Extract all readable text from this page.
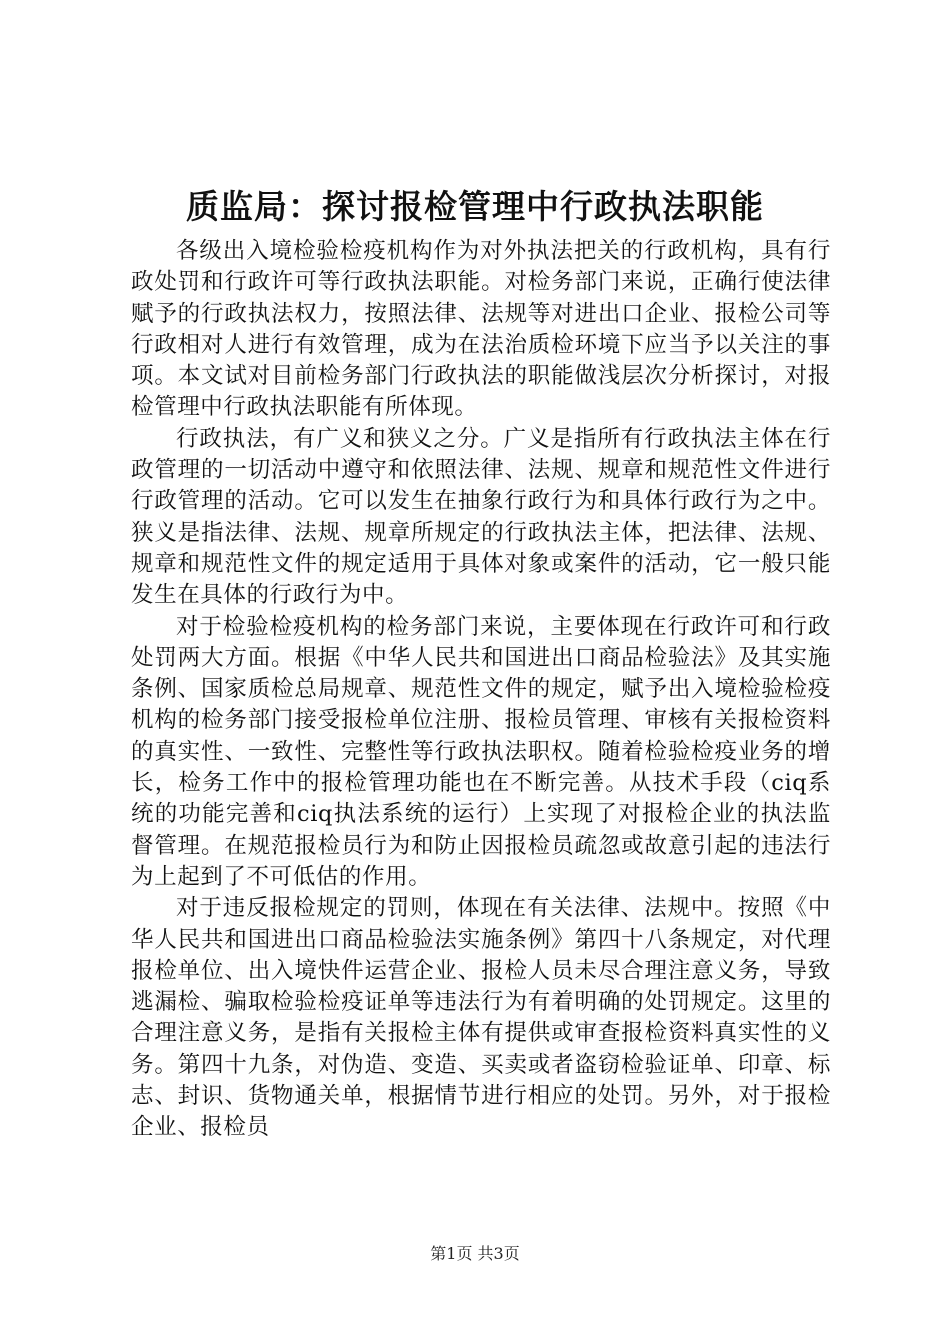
质监局：探讨报检管理中行政执法职能

各级出入境检验检疫机构作为对外执法把关的行政机构，具有行政处罚和行政许可等行政执法职能。对检务部门来说，正确行使法律赋予的行政执法权力，按照法律、法规等对进出口企业、报检公司等行政相对人进行有效管理，成为在法治质检环境下应当予以关注的事项。本文试对目前检务部门行政执法的职能做浅层次分析探讨，对报检管理中行政执法职能有所体现。

行政执法，有广义和狭义之分。广义是指所有行政执法主体在行政管理的一切活动中遵守和依照法律、法规、规章和规范性文件进行行政管理的活动。它可以发生在抽象行政行为和具体行政行为之中。狭义是指法律、法规、规章所规定的行政执法主体，把法律、法规、规章和规范性文件的规定适用于具体对象或案件的活动，它一般只能发生在具体的行政行为中。

对于检验检疫机构的检务部门来说，主要体现在行政许可和行政处罚两大方面。根据《中华人民共和国进出口商品检验法》及其实施条例、国家质检总局规章、规范性文件的规定，赋予出入境检验检疫机构的检务部门接受报检单位注册、报检员管理、审核有关报检资料的真实性、一致性、完整性等行政执法职权。随着检验检疫业务的增长，检务工作中的报检管理功能也在不断完善。从技术手段（ciq系统的功能完善和ciq执法系统的运行）上实现了对报检企业的执法监督管理。在规范报检员行为和防止因报检员疏忽或故意引起的违法行为上起到了不可低估的作用。

对于违反报检规定的罚则，体现在有关法律、法规中。按照《中华人民共和国进出口商品检验法实施条例》第四十八条规定，对代理报检单位、出入境快件运营企业、报检人员未尽合理注意义务，导致逃漏检、骗取检验检疫证单等违法行为有着明确的处罚规定。这里的合理注意义务，是指有关报检主体有提供或审查报检资料真实性的义务。第四十九条，对伪造、变造、买卖或者盗窃检验证单、印章、标志、封识、货物通关单，根据情节进行相应的处罚。另外，对于报检企业、报检员

第1页 共3页
